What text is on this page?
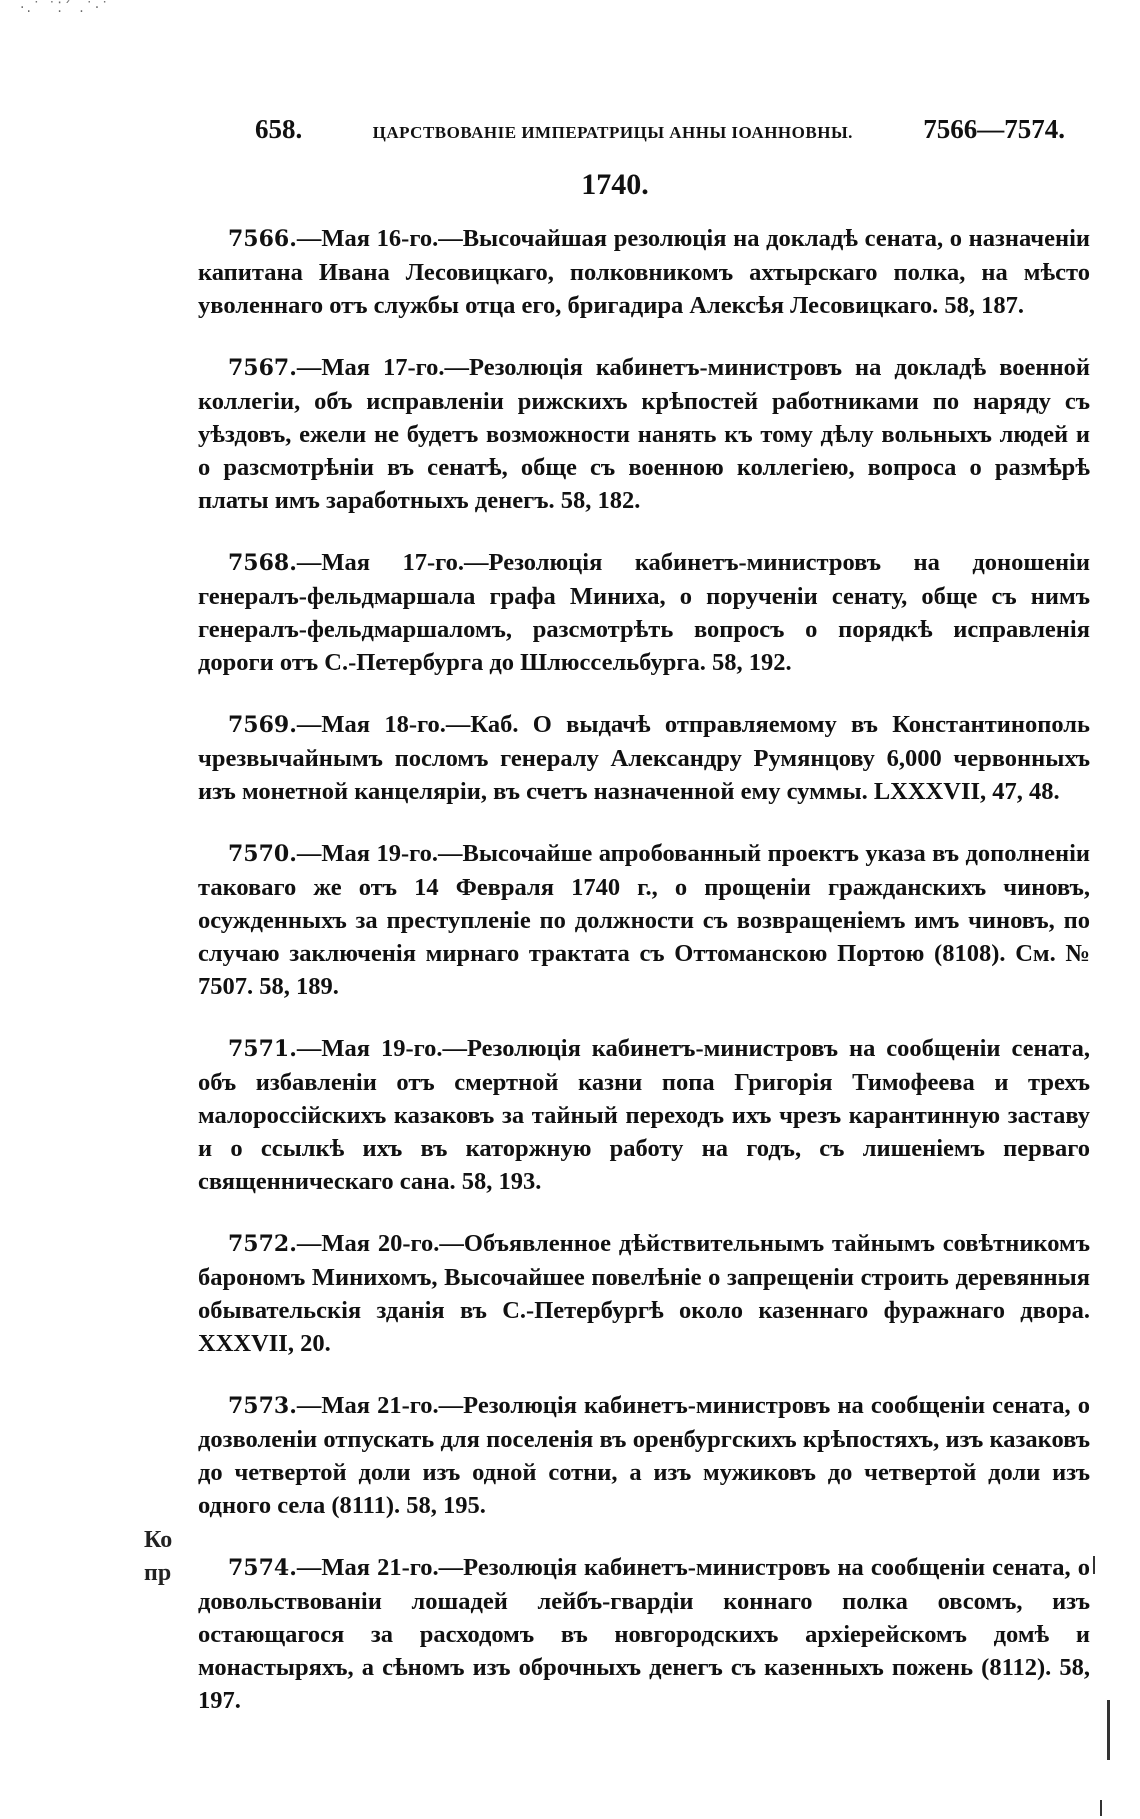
·.˙ ˙⁚ˊ .˙·˙
658.	ЦАРСТВОВАНІЕ ИМПЕРАТРИЦЫ АННЫ ІОАННОВНЫ.	7566—7574.
1740.

7566.—Мая 16-го.—Высочайшая резолюція на докладѣ сената, о назначеніи капитана Ивана Лесовицкаго, полковникомъ ахтырскаго полка, на мѣсто уволеннаго отъ службы отца его, бригадира Алексѣя Лесовицкаго. 58, 187.

7567.—Мая 17-го.—Резолюція кабинетъ-министровъ на докладѣ военной коллегіи, объ исправленіи рижскихъ крѣпостей работниками по наряду съ уѣздовъ, ежели не будетъ возможности нанять къ тому дѣлу вольныхъ людей и о разсмотрѣніи въ сенатѣ, обще съ военною коллегіею, вопроса о размѣрѣ платы имъ заработныхъ денегъ. 58, 182.

7568.—Мая 17-го.—Резолюція кабинетъ-министровъ на доношеніи генералъ-фельдмаршала графа Миниха, о порученіи сенату, обще съ нимъ генералъ-фельдмаршаломъ, разсмотрѣть вопросъ о порядкѣ исправленія дороги отъ С.-Петербурга до Шлюссельбурга. 58, 192.

7569.—Мая 18-го.—Каб. О выдачѣ отправляемому въ Константинополь чрезвычайнымъ посломъ генералу Александру Румянцову 6,000 червонныхъ изъ монетной канцеляріи, въ счетъ назначенной ему суммы. LXXXVII, 47, 48.

7570.—Мая 19-го.—Высочайше апробованный проектъ указа въ дополненіи таковаго же отъ 14 Февраля 1740 г., о прощеніи гражданскихъ чиновъ, осужденныхъ за преступленіе по должности съ возвращеніемъ имъ чиновъ, по случаю заключенія мирнаго трактата съ Оттоманскою Портою (8108). См. № 7507. 58, 189.

7571.—Мая 19-го.—Резолюція кабинетъ-министровъ на сообщеніи сената, объ избавленіи отъ смертной казни попа Григорія Тимофеева и трехъ малороссійскихъ казаковъ за тайный переходъ ихъ чрезъ карантинную заставу и о ссылкѣ ихъ въ каторжную работу на годъ, съ лишеніемъ перваго священническаго сана. 58, 193.

7572.—Мая 20-го.—Объявленное дѣйствительнымъ тайнымъ совѣтникомъ барономъ Минихомъ, Высочайшее повелѣніе о запрещеніи строить деревянныя обывательскія зданія въ С.-Петербургѣ около казеннаго фуражнаго двора. XXXVII, 20.

7573.—Мая 21-го.—Резолюція кабинетъ-министровъ на сообщеніи сената, о дозволеніи отпускать для поселенія въ оренбургскихъ крѣпостяхъ, изъ казаковъ до четвертой доли изъ одной сотни, а изъ мужиковъ до четвертой доли изъ одного села (8111). 58, 195.

7574.—Мая 21-го.—Резолюція кабинетъ-министровъ на сообщеніи сената, о довольствованіи лошадей лейбъ-гвардіи коннаго полка овсомъ, изъ остающагося за расходомъ въ новгородскихъ архіерейскомъ домѣ и монастыряхъ, а сѣномъ изъ оброчныхъ денегъ съ казенныхъ пожень (8112). 58, 197.

Ко
пр
